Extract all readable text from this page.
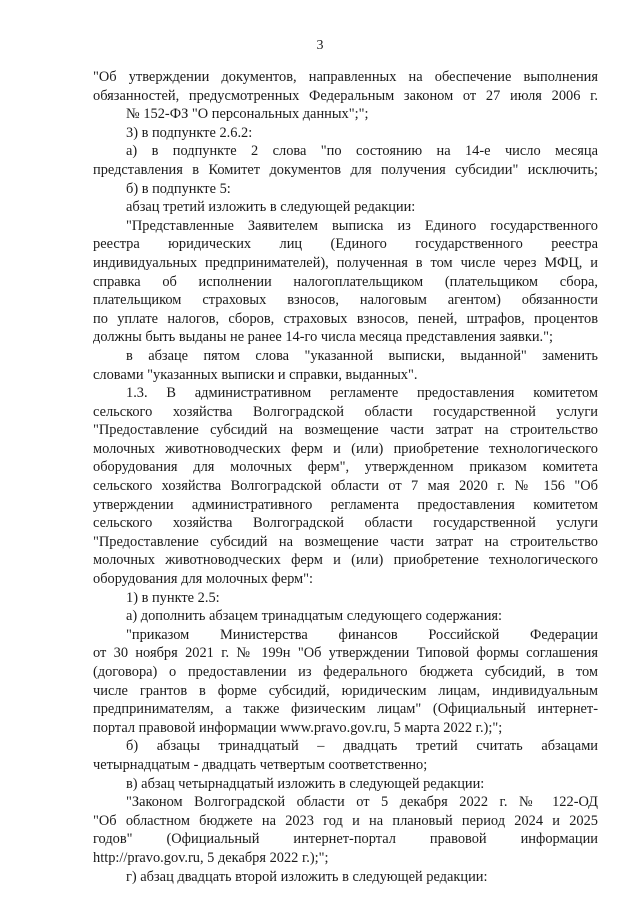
3
"Об утверждении документов, направленных на обеспечение выполнения
обязанностей, предусмотренных Федеральным законом от 27 июля 2006 г.
№ 152-ФЗ "О персональных данных";";
3) в подпункте 2.6.2:
а) в подпункте 2 слова "по состоянию на 14-е число месяца
представления в Комитет документов для получения субсидии" исключить;
б) в подпункте 5:
абзац третий изложить в следующей редакции:
"Представленные Заявителем выписка из Единого государственного
реестра юридических лиц (Единого государственного реестра
индивидуальных предпринимателей), полученная в том числе через МФЦ, и
справка об исполнении налогоплательщиком (плательщиком сбора,
плательщиком страховых взносов, налоговым агентом) обязанности
по уплате налогов, сборов, страховых взносов, пеней, штрафов, процентов
должны быть выданы не ранее 14-го числа месяца представления заявки.";
в абзаце пятом слова "указанной выписки, выданной" заменить
словами "указанных выписки и справки, выданных".
1.3. В административном регламенте предоставления комитетом
сельского хозяйства Волгоградской области государственной услуги
"Предоставление субсидий на возмещение части затрат на строительство
молочных животноводческих ферм и (или) приобретение технологического
оборудования для молочных ферм", утвержденном приказом комитета
сельского хозяйства Волгоградской области от 7 мая 2020 г. № 156 "Об
утверждении административного регламента предоставления комитетом
сельского хозяйства Волгоградской области государственной услуги
"Предоставление субсидий на возмещение части затрат на строительство
молочных животноводческих ферм и (или) приобретение технологического
оборудования для молочных ферм":
1) в пункте 2.5:
а) дополнить абзацем тринадцатым следующего содержания:
"приказом Министерства финансов Российской Федерации
от 30 ноября 2021 г. № 199н "Об утверждении Типовой формы соглашения
(договора) о предоставлении из федерального бюджета субсидий, в том
числе грантов в форме субсидий, юридическим лицам, индивидуальным
предпринимателям, а также физическим лицам" (Официальный интернет-
портал правовой информации www.pravo.gov.ru, 5 марта 2022 г.);";
б) абзацы тринадцатый – двадцать третий считать абзацами
четырнадцатым - двадцать четвертым соответственно;
в) абзац четырнадцатый изложить в следующей редакции:
"Законом Волгоградской области от 5 декабря 2022 г. № 122-ОД
"Об областном бюджете на 2023 год и на плановый период 2024 и 2025
годов" (Официальный интернет-портал правовой информации
http://pravo.gov.ru, 5 декабря 2022 г.);";
г) абзац двадцать второй изложить в следующей редакции:
